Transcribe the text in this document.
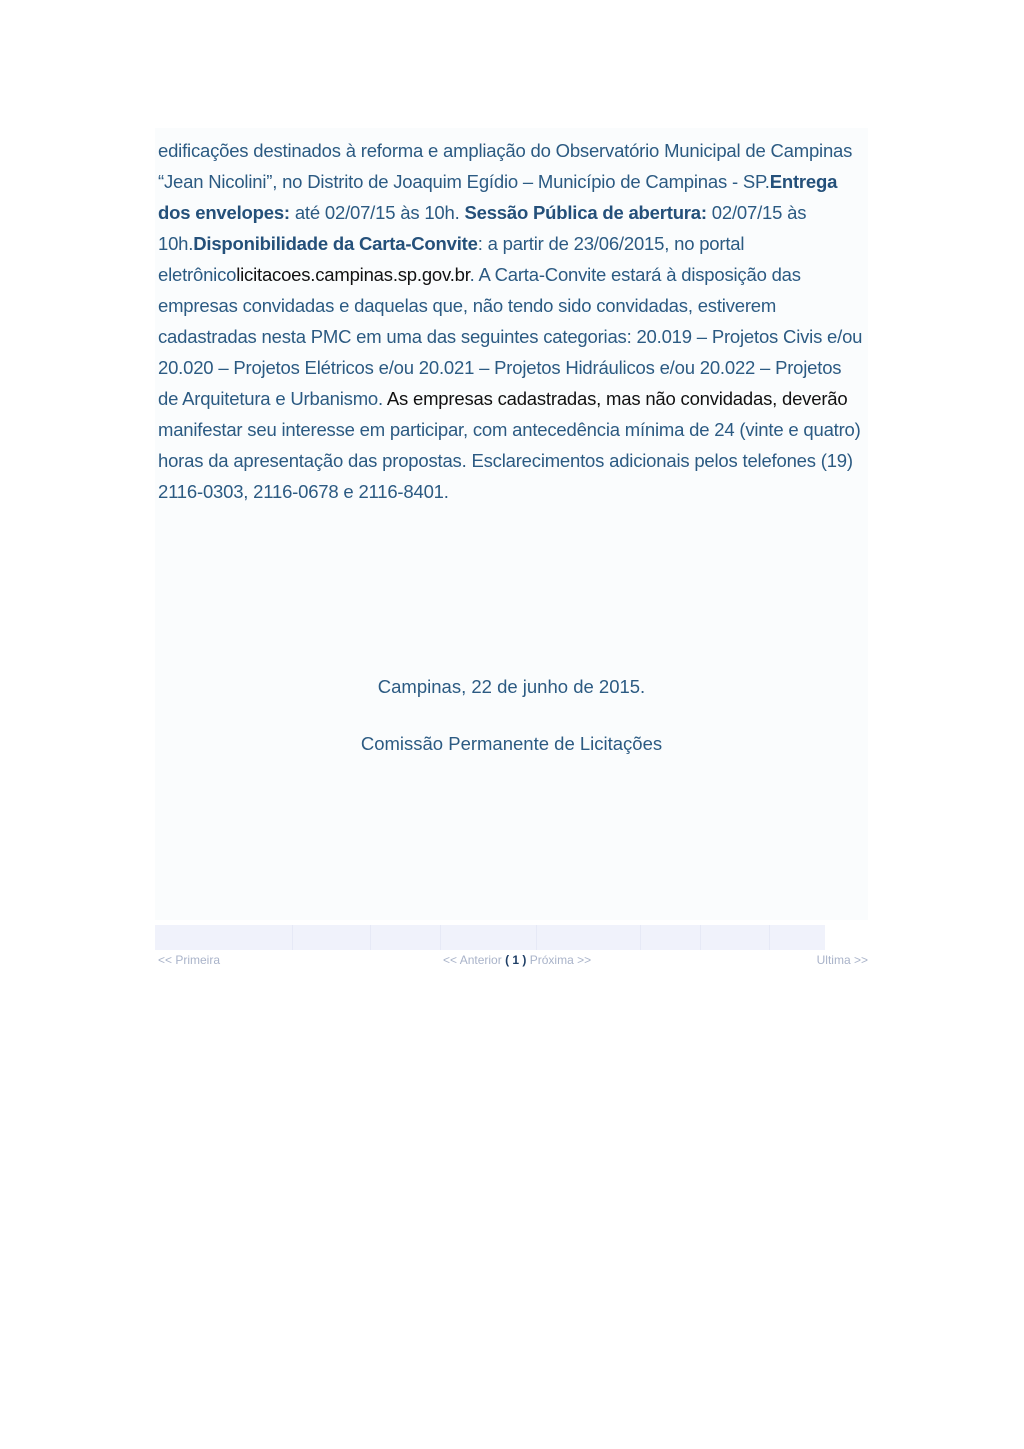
edificações destinados à reforma e ampliação do Observatório Municipal de Campinas “Jean Nicolini”, no Distrito de Joaquim Egídio – Município de Campinas - SP.Entrega dos envelopes: até 02/07/15 às 10h. Sessão Pública de abertura: 02/07/15 às 10h.Disponibilidade da Carta-Convite: a partir de 23/06/2015, no portal eletrônicolicitacoes.campinas.sp.gov.br. A Carta-Convite estará à disposição das empresas convidadas e daquelas que, não tendo sido convidadas, estiverem cadastradas nesta PMC em uma das seguintes categorias: 20.019 – Projetos Civis e/ou 20.020 – Projetos Elétricos e/ou 20.021 – Projetos Hidráulicos e/ou 20.022 – Projetos de Arquitetura e Urbanismo. As empresas cadastradas, mas não convidadas, deverão manifestar seu interesse em participar, com antecedência mínima de 24 (vinte e quatro) horas da apresentação das propostas. Esclarecimentos adicionais pelos telefones (19) 2116-0303, 2116-0678 e 2116-8401.

Campinas, 22 de junho de 2015.
Comissão Permanente de Licitações
<< Primeira	<< Anterior ( 1 ) Próxima >>	Ultima >>
